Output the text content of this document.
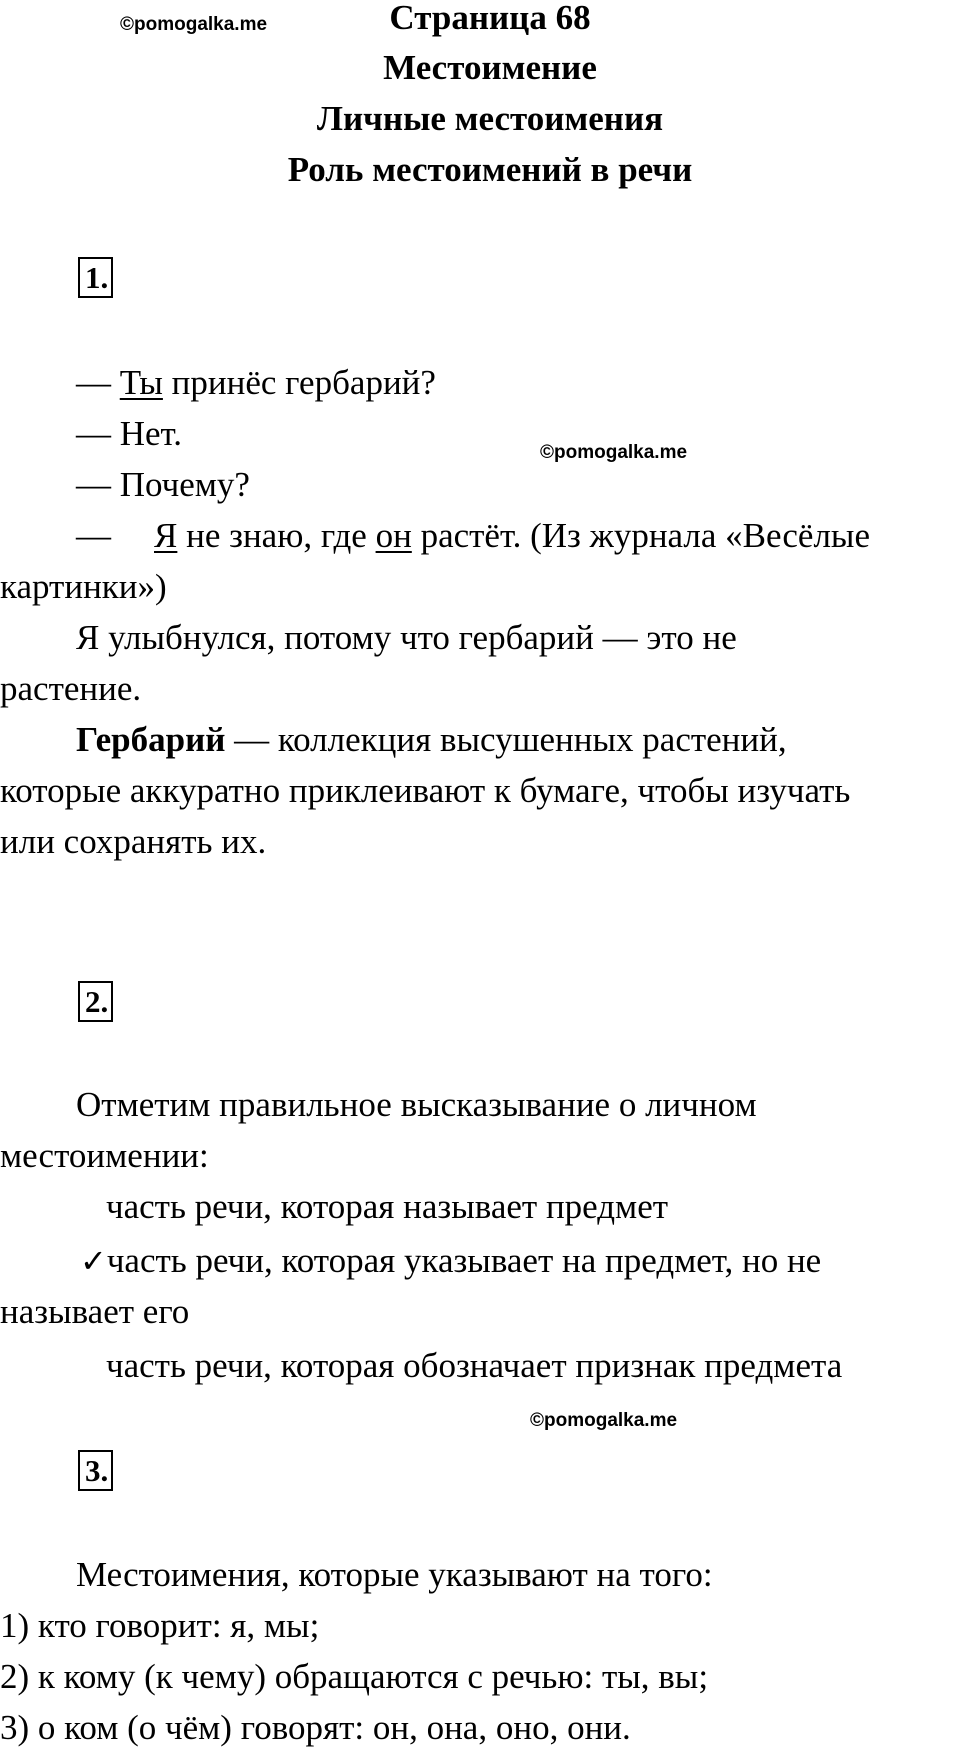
©pomogalka.me
©pomogalka.me
©pomogalka.me
Страница 68
Местоимение
Личные местоимения
Роль местоимений в речи
1.
— Ты принёс гербарий?
— Нет.
— Почему?
— Я не знаю, где он растёт. (Из журнала «Весёлые
картинки»)
Я улыбнулся, потому что гербарий — это не
растение.
Гербарий — коллекция высушенных растений,
которые аккуратно приклеивают к бумаге, чтобы изучать
или сохранять их.
2.
Отметим правильное высказывание о личном
местоимении:
часть речи, которая называет предмет
✓часть речи, которая указывает на предмет, но не
называет его
часть речи, которая обозначает признак предмета
3.
Местоимения, которые указывают на того:
1) кто говорит: я, мы;
2) к кому (к чему) обращаются с речью: ты, вы;
3) о ком (о чём) говорят: он, она, оно, они.
